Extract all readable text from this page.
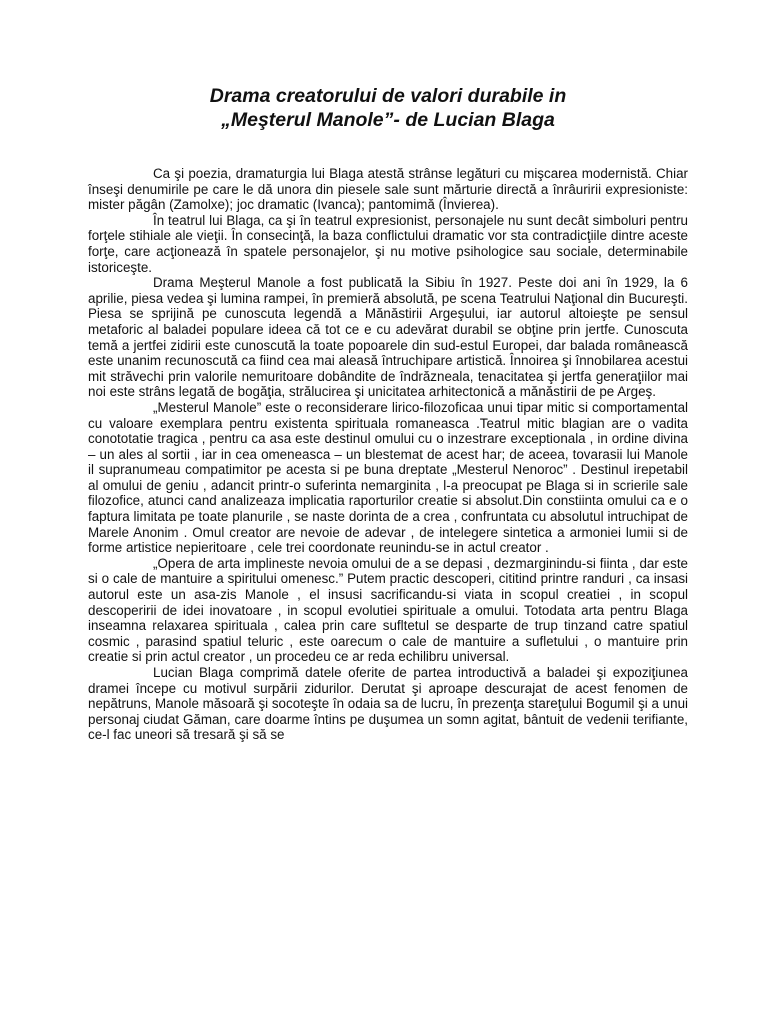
Drama creatorului de valori durabile in
„Meşterul Manole”- de Lucian Blaga

Ca şi poezia, dramaturgia lui Blaga atestă strânse legături cu mişcarea modernistă. Chiar înseşi denumirile pe care le dă unora din piesele sale sunt mărturie directă a înrâuririi expresioniste: mister păgân (Zamolxe); joc dramatic (Ivanca); pantomimă (Învierea).

În teatrul lui Blaga, ca şi în teatrul expresionist, personajele nu sunt decât simboluri pentru forţele stihiale ale vieţii. În consecinţă, la baza conflictului dramatic vor sta contradicţiile dintre aceste forţe, care acţionează în spatele personajelor, şi nu motive psihologice sau sociale, determinabile istoriceşte.

Drama Meşterul Manole a fost publicată la Sibiu în 1927. Peste doi ani în 1929, la 6 aprilie, piesa vedea şi lumina rampei, în premieră absolută, pe scena Teatrului Naţional din Bucureşti. Piesa se sprijină pe cunoscuta legendă a Mănăstirii Argeşului, iar autorul altoieşte pe sensul metaforic al baladei populare ideea că tot ce e cu adevărat durabil se obţine prin jertfe. Cunoscuta temă a jertfei zidirii este cunoscută la toate popoarele din sud-estul Europei, dar balada românească este unanim recunoscută ca fiind cea mai aleasă întruchipare artistică. Înnoirea şi înnobilarea acestui mit străvechi prin valorile nemuritoare dobândite de îndrăzneala, tenacitatea şi jertfa generaţiilor mai noi este strâns legată de bogăţia, strălucirea şi unicitatea arhitectonică a mănăstirii de pe Argeş.

„Mesterul Manole” este o reconsiderare lirico-filozoficaa unui tipar mitic si comportamental cu valoare exemplara pentru existenta spirituala romaneasca .Teatrul mitic blagian are o vadita conototatie tragica , pentru ca asa este destinul omului cu o inzestrare exceptionala , in ordine divina – un ales al sortii , iar in cea omeneasca – un blestemat de acest har; de aceea, tovarasii lui Manole il supranumeau compatimitor pe acesta si pe buna dreptate „Mesterul Nenoroc” . Destinul irepetabil al omului de geniu , adancit printr-o suferinta nemarginita , l-a preocupat pe Blaga si in scrierile sale filozofice, atunci cand analizeaza implicatia raporturilor creatie si absolut.Din constiinta omului ca e o faptura limitata pe toate planurile , se naste dorinta de a crea , confruntata cu absolutul intruchipat de Marele Anonim . Omul creator are nevoie de adevar , de intelegere sintetica a armoniei lumii si de forme artistice nepieritoare , cele trei coordonate reunindu-se in actul creator .

„Opera de arta implineste nevoia omului de a se depasi , dezmarginindu-si fiinta , dar este si o cale de mantuire a spiritului omenesc.” Putem practic descoperi, cititind printre randuri , ca insasi autorul este un asa-zis Manole , el insusi sacrificandu-si viata in scopul creatiei , in scopul descoperirii de idei inovatoare , in scopul evolutiei spirituale a omului. Totodata arta pentru Blaga inseamna relaxarea spirituala , calea prin care sufltetul se desparte de trup tinzand catre spatiul cosmic , parasind spatiul teluric , este oarecum o cale de mantuire a sufletului , o mantuire prin creatie si prin actul creator , un procedeu ce ar reda echilibru universal.

Lucian Blaga comprimă datele oferite de partea introductivă a baladei şi expoziţiunea dramei începe cu motivul surpării zidurilor. Derutat şi aproape descurajat de acest fenomen de nepătruns, Manole măsoară şi socoteşte în odaia sa de lucru, în prezenţa stareţului Bogumil şi a unui personaj ciudat Găman, care doarme întins pe duşumea un somn agitat, bântuit de vedenii terifiante, ce-l fac uneori să tresară şi să se
